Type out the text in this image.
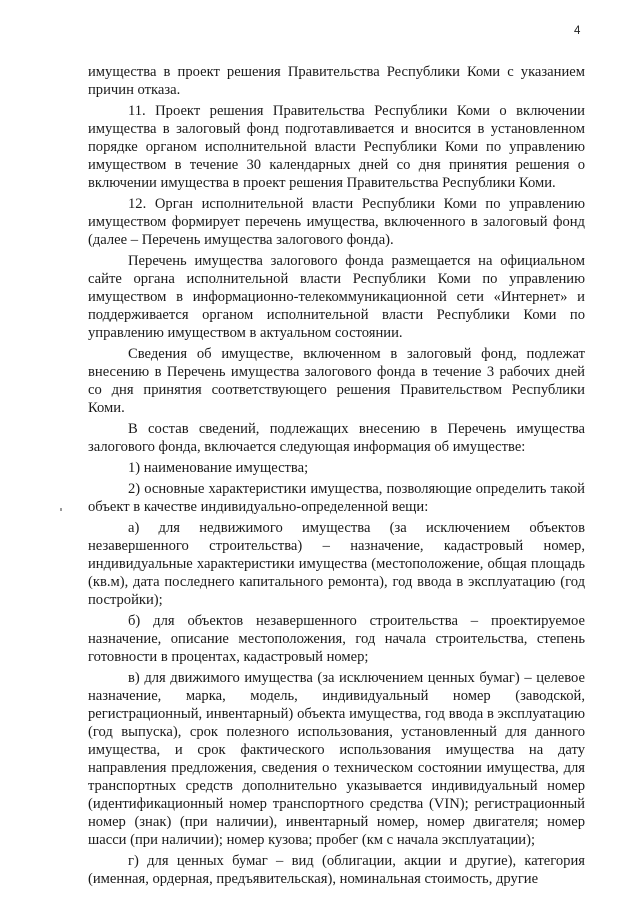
4

имущества в проект решения Правительства Республики Коми с указанием причин отказа.

11. Проект решения Правительства Республики Коми о включении имущества в залоговый фонд подготавливается и вносится в установленном порядке органом исполнительной власти Республики Коми по управлению имуществом в течение 30 календарных дней со дня принятия решения о включении имущества в проект решения Правительства Республики Коми.

12. Орган исполнительной власти Республики Коми по управлению имуществом формирует перечень имущества, включенного в залоговый фонд (далее – Перечень имущества залогового фонда).

Перечень имущества залогового фонда размещается на официальном сайте органа исполнительной власти Республики Коми по управлению имуществом в информационно-телекоммуникационной сети «Интернет» и поддерживается органом исполнительной власти Республики Коми по управлению имуществом в актуальном состоянии.

Сведения об имуществе, включенном в залоговый фонд, подлежат внесению в Перечень имущества залогового фонда в течение 3 рабочих дней со дня принятия соответствующего решения Правительством Республики Коми.

В состав сведений, подлежащих внесению в Перечень имущества залогового фонда, включается следующая информация об имуществе:

1) наименование имущества;

2) основные характеристики имущества, позволяющие определить такой объект в качестве индивидуально-определенной вещи:

а) для недвижимого имущества (за исключением объектов незавершенного строительства) – назначение, кадастровый номер, индивидуальные характеристики имущества (местоположение, общая площадь (кв.м), дата последнего капитального ремонта), год ввода в эксплуатацию (год постройки);

б) для объектов незавершенного строительства – проектируемое назначение, описание местоположения, год начала строительства, степень готовности в процентах, кадастровый номер;

в) для движимого имущества (за исключением ценных бумаг) – целевое назначение, марка, модель, индивидуальный номер (заводской, регистрационный, инвентарный) объекта имущества, год ввода в эксплуатацию (год выпуска), срок полезного использования, установленный для данного имущества, и срок фактического использования имущества на дату направления предложения, сведения о техническом состоянии имущества, для транспортных средств дополнительно указывается индивидуальный номер (идентификационный номер транспортного средства (VIN); регистрационный номер (знак) (при наличии), инвентарный номер, номер двигателя; номер шасси (при наличии); номер кузова; пробег (км с начала эксплуатации);

г) для ценных бумаг – вид (облигации, акции и другие), категория (именная, ордерная, предъявительская), номинальная стоимость, другие
